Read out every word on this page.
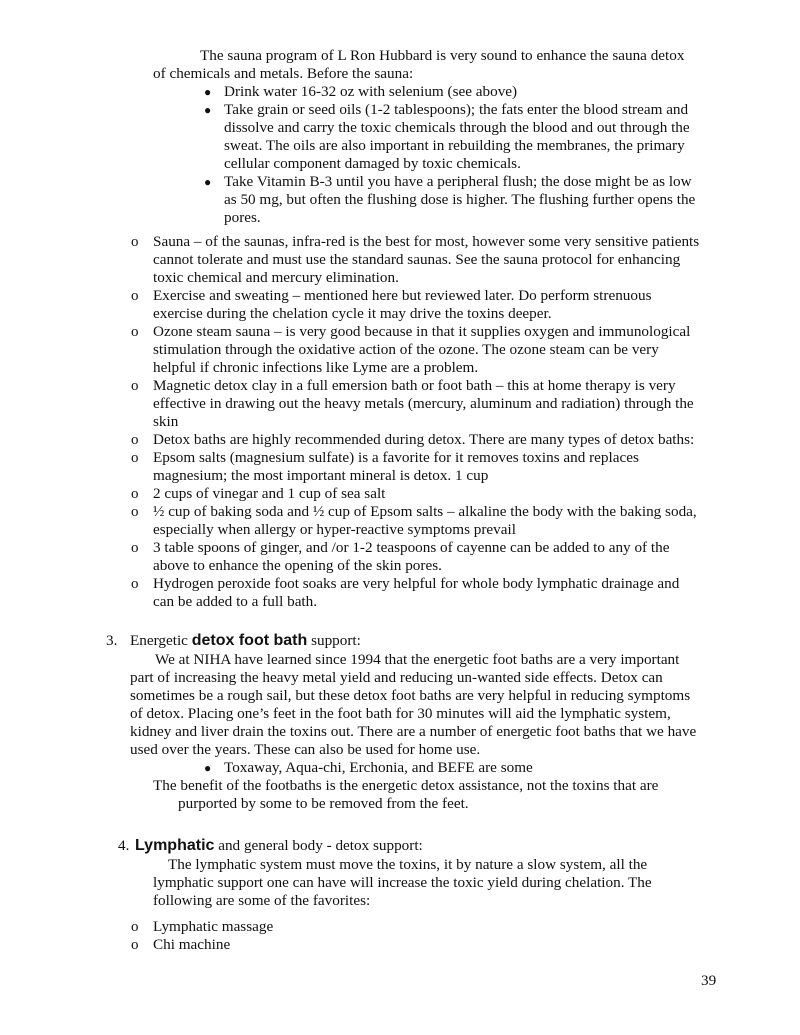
The sauna program of L Ron Hubbard is very sound to enhance the sauna detox
of chemicals and metals. Before the sauna:
● Drink water 16-32 oz with selenium (see above)
● Take grain or seed oils (1-2 tablespoons); the fats enter the blood stream and
dissolve and carry the toxic chemicals through the blood and out through the
sweat. The oils are also important in rebuilding the membranes, the primary
cellular component damaged by toxic chemicals.
● Take Vitamin B-3 until you have a peripheral flush; the dose might be as low
as 50 mg, but often the flushing dose is higher. The flushing further opens the
pores.
o Sauna – of the saunas, infra-red is the best for most, however some very sensitive patients
cannot tolerate and must use the standard saunas. See the sauna protocol for enhancing
toxic chemical and mercury elimination.
o Exercise and sweating – mentioned here but reviewed later. Do perform strenuous
exercise during the chelation cycle it may drive the toxins deeper.
o Ozone steam sauna – is very good because in that it supplies oxygen and immunological
stimulation through the oxidative action of the ozone. The ozone steam can be very
helpful if chronic infections like Lyme are a problem.
o Magnetic detox clay in a full emersion bath or foot bath – this at home therapy is very
effective in drawing out the heavy metals (mercury, aluminum and radiation) through the
skin
o Detox baths are highly recommended during detox. There are many types of detox baths:
o Epsom salts (magnesium sulfate) is a favorite for it removes toxins and replaces
magnesium; the most important mineral is detox. 1 cup
o 2 cups of vinegar and 1 cup of sea salt
o ½ cup of baking soda and ½ cup of Epsom salts – alkaline the body with the baking soda,
especially when allergy or hyper-reactive symptoms prevail
o 3 table spoons of ginger, and /or 1-2 teaspoons of cayenne can be added to any of the
above to enhance the opening of the skin pores.
o Hydrogen peroxide foot soaks are very helpful for whole body lymphatic drainage and
can be added to a full bath.
3. Energetic detox foot bath support:
We at NIHA have learned since 1994 that the energetic foot baths are a very important
part of increasing the heavy metal yield and reducing un-wanted side effects. Detox can
sometimes be a rough sail, but these detox foot baths are very helpful in reducing symptoms
of detox. Placing one’s feet in the foot bath for 30 minutes will aid the lymphatic system,
kidney and liver drain the toxins out. There are a number of energetic foot baths that we have
used over the years. These can also be used for home use.
● Toxaway, Aqua-chi, Erchonia, and BEFE are some
The benefit of the footbaths is the energetic detox assistance, not the toxins that are
purported by some to be removed from the feet.
4. Lymphatic and general body - detox support:
The lymphatic system must move the toxins, it by nature a slow system, all the
lymphatic support one can have will increase the toxic yield during chelation. The
following are some of the favorites:
o Lymphatic massage
o Chi machine
39
